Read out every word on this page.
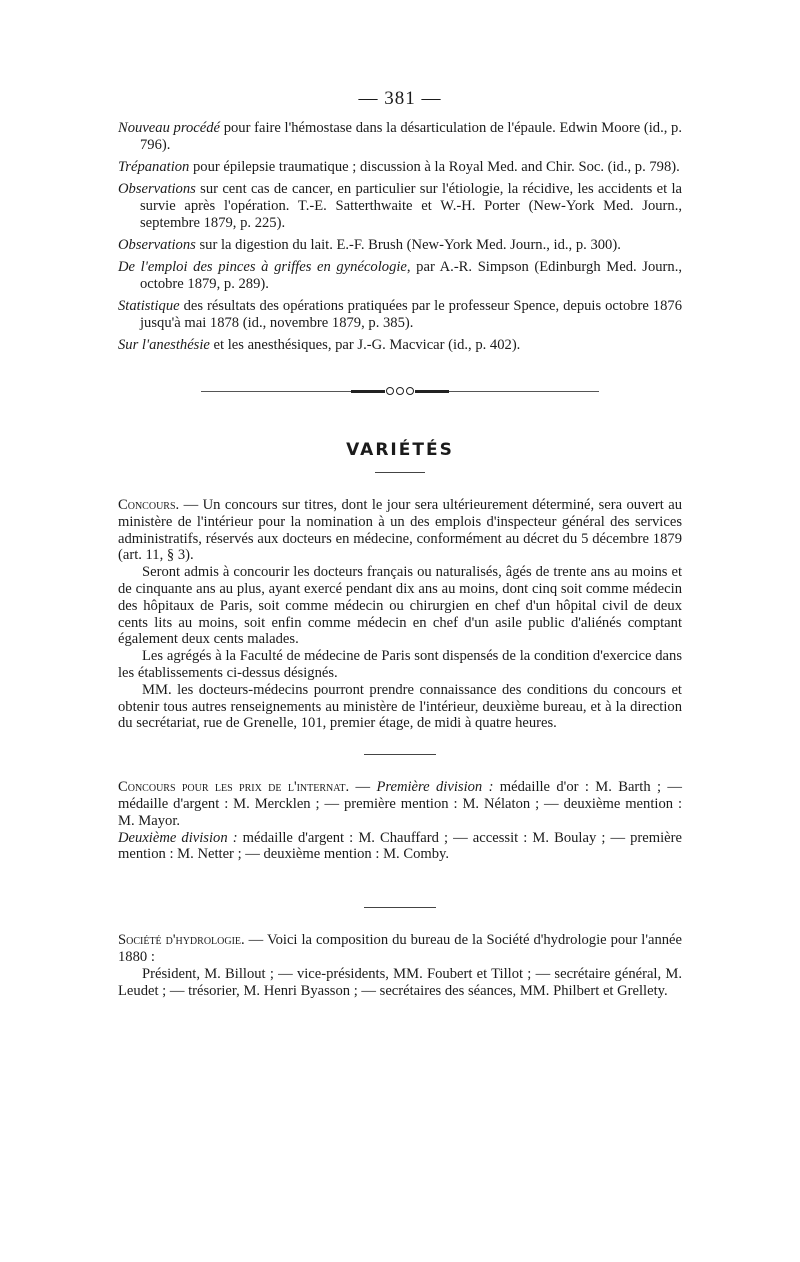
— 381 —

Nouveau procédé pour faire l'hémostase dans la désarticulation de l'épaule. Edwin Moore (id., p. 796).

Trépanation pour épilepsie traumatique ; discussion à la Royal Med. and Chir. Soc. (id., p. 798).

Observations sur cent cas de cancer, en particulier sur l'étiologie, la récidive, les accidents et la survie après l'opération. T.-E. Satterthwaite et W.-H. Porter (New-York Med. Journ., septembre 1879, p. 225).

Observations sur la digestion du lait. E.-F. Brush (New-York Med. Journ., id., p. 300).

De l'emploi des pinces à griffes en gynécologie, par A.-R. Simpson (Edinburgh Med. Journ., octobre 1879, p. 289).

Statistique des résultats des opérations pratiquées par le professeur Spence, depuis octobre 1876 jusqu'à mai 1878 (id., novembre 1879, p. 385).

Sur l'anesthésie et les anesthésiques, par J.-G. Macvicar (id., p. 402).

VARIÉTÉS

Concours. — Un concours sur titres, dont le jour sera ultérieurement déterminé, sera ouvert au ministère de l'intérieur pour la nomination à un des emplois d'inspecteur général des services administratifs, réservés aux docteurs en médecine, conformément au décret du 5 décembre 1879 (art. 11, § 3).

Seront admis à concourir les docteurs français ou naturalisés, âgés de trente ans au moins et de cinquante ans au plus, ayant exercé pendant dix ans au moins, dont cinq soit comme médecin des hôpitaux de Paris, soit comme médecin ou chirurgien en chef d'un hôpital civil de deux cents lits au moins, soit enfin comme médecin en chef d'un asile public d'aliénés comptant également deux cents malades.

Les agrégés à la Faculté de médecine de Paris sont dispensés de la condition d'exercice dans les établissements ci-dessus désignés.

MM. les docteurs-médecins pourront prendre connaissance des conditions du concours et obtenir tous autres renseignements au ministère de l'intérieur, deuxième bureau, et à la direction du secrétariat, rue de Grenelle, 101, premier étage, de midi à quatre heures.

Concours pour les prix de l'internat. — Première division : médaille d'or : M. Barth ; — médaille d'argent : M. Mercklen ; — première mention : M. Nélaton ; — deuxième mention : M. Mayor.
Deuxième division : médaille d'argent : M. Chauffard ; — accessit : M. Boulay ; — première mention : M. Netter ; — deuxième mention : M. Comby.

Société d'hydrologie. — Voici la composition du bureau de la Société d'hydrologie pour l'année 1880 :

Président, M. Billout ; — vice-présidents, MM. Foubert et Tillot ; — secrétaire général, M. Leudet ; — trésorier, M. Henri Byasson ; — secrétaires des séances, MM. Philbert et Grellety.
